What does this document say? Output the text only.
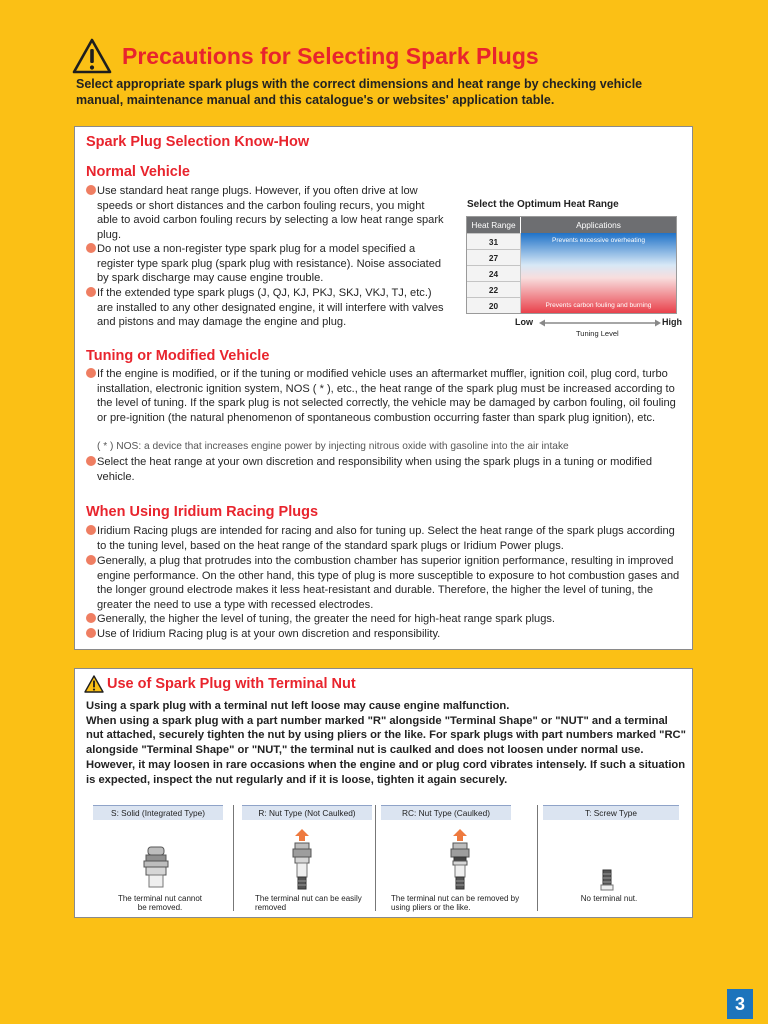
Precautions for Selecting Spark Plugs
Select appropriate spark plugs with the correct dimensions and heat range by checking vehicle manual, maintenance manual and this catalogue's or websites' application table.
Spark Plug Selection Know-How
Normal Vehicle
Use standard heat range plugs. However, if you often drive at low speeds or short distances and the carbon fouling recurs, you might able to avoid carbon fouling recurs by selecting a low heat range spark plug.
Do not use a non-register type spark plug for a model specified a register type spark plug (spark plug with resistance). Noise associated by spark discharge may cause engine trouble.
If the extended type spark plugs (J, QJ, KJ, PKJ, SKJ, VKJ, TJ, etc.) are installed to any other designated engine, it will interfere with valves and pistons and may damage the engine and plug.
Select the Optimum Heat Range
Heat Range	Applications
31
27
24
22
20
Prevents excessive overheating
Prevents carbon fouling and burning
Low	High
Tuning Level
Tuning or Modified Vehicle
If the engine is modified, or if the tuning or modified vehicle uses an aftermarket muffler, ignition coil, plug cord, turbo installation, electronic ignition system, NOS ( * ), etc., the heat range of the spark plug must be increased according to the level of tuning. If the spark plug is not selected correctly, the vehicle may be damaged by carbon fouling, oil fouling or pre-ignition (the natural phenomenon of spontaneous combustion occurring faster than spark plug ignition), etc.
( * ) NOS: a device that increases engine power by injecting nitrous oxide with gasoline into the air intake
Select the heat range at your own discretion and responsibility when using the spark plugs in a tuning or modified vehicle.
When Using Iridium Racing Plugs
Iridium Racing plugs are intended for racing and also for tuning up. Select the heat range of the spark plugs according to the tuning level, based on the heat range of the standard spark plugs or Iridium Power plugs.
Generally, a plug that protrudes into the combustion chamber has superior ignition performance, resulting in improved engine performance. On the other hand, this type of plug is more susceptible to exposure to hot combustion gases and the longer ground electrode makes it less heat-resistant and durable. Therefore, the higher the level of tuning, the greater the need to use a type with recessed electrodes.
Generally, the higher the level of tuning, the greater the need for high-heat range spark plugs.
Use of Iridium Racing plug is at your own discretion and responsibility.
Use of Spark Plug with Terminal Nut

Using a spark plug with a terminal nut left loose may cause engine malfunction.

When using a spark plug with a part number marked "R" alongside "Terminal Shape" or "NUT" and a terminal nut attached, securely tighten the nut by using pliers or the like. For spark plugs with part numbers marked "RC" alongside "Terminal Shape" or "NUT," the terminal nut is caulked and does not loosen under normal use. However, it may loosen in rare occasions when the engine and or plug cord vibrates intensely. If such a situation is expected, inspect the nut regularly and if it is loose, tighten it again securely.

S: Solid (Integrated Type)	R: Nut Type (Not Caulked)	RC: Nut Type (Caulked)	T: Screw Type
The terminal nut cannot be removed.
The terminal nut can be easily removed
The terminal nut can be removed by using pliers or the like.
No terminal nut.
3
